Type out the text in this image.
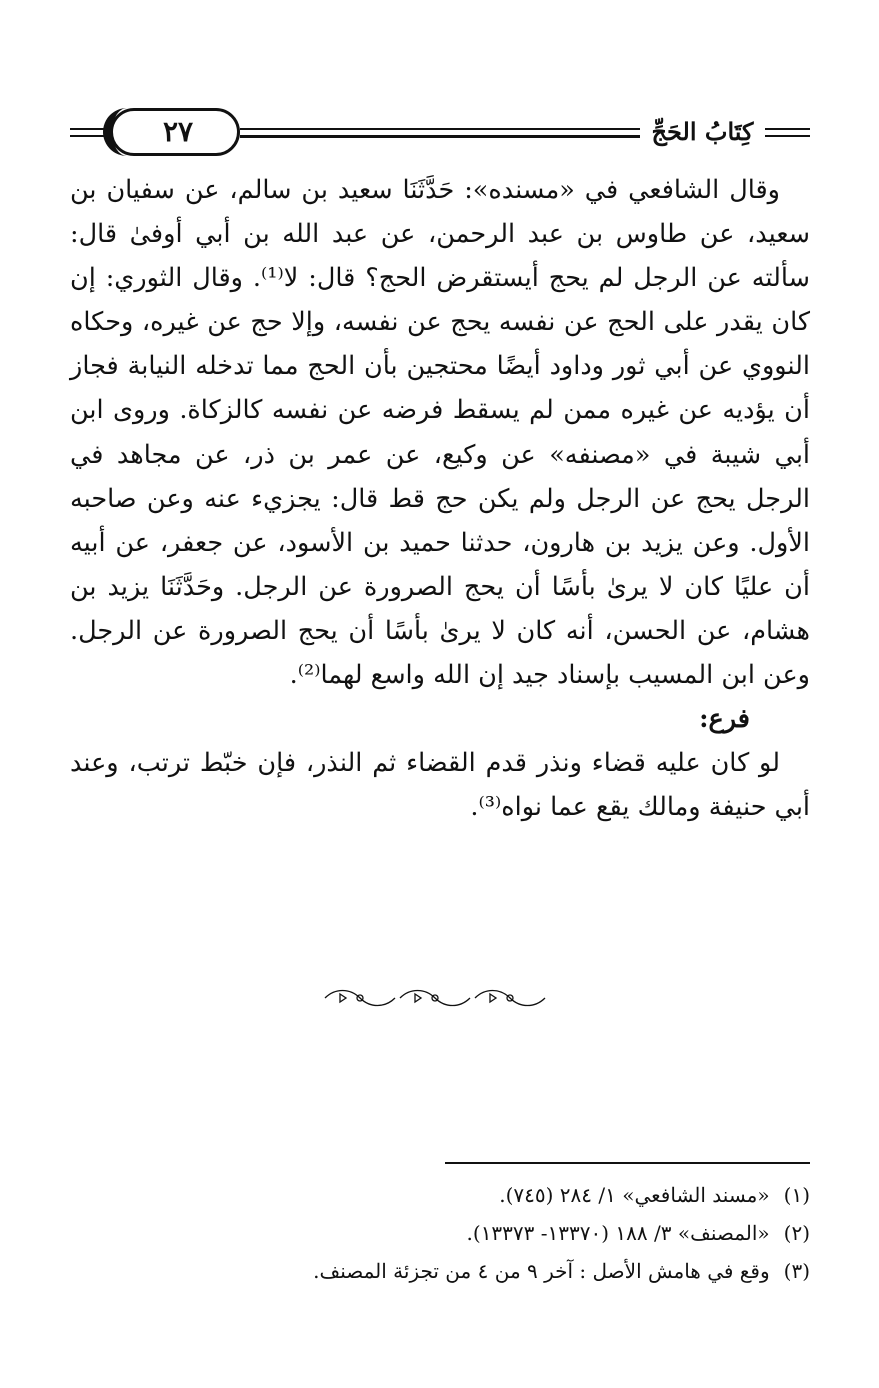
٢٧	كِتَابُ الحَجِّ

وقال الشافعي في «مسنده»: حَدَّثَنَا سعيد بن سالم، عن سفيان بن سعيد، عن طاوس بن عبد الرحمن، عن عبد الله بن أبي أوفىٰ قال: سألته عن الرجل لم يحج أيستقرض الحج؟ قال: لا⁽¹⁾. وقال الثوري: إن كان يقدر على الحج عن نفسه يحج عن نفسه، وإلا حج عن غيره، وحكاه النووي عن أبي ثور وداود أيضًا محتجين بأن الحج مما تدخله النيابة فجاز أن يؤديه عن غيره ممن لم يسقط فرضه عن نفسه كالزكاة. وروى ابن أبي شيبة في «مصنفه» عن وكيع، عن عمر بن ذر، عن مجاهد في الرجل يحج عن الرجل ولم يكن حج قط قال: يجزيء عنه وعن صاحبه الأول. وعن يزيد بن هارون، حدثنا حميد بن الأسود، عن جعفر، عن أبيه أن عليًا كان لا يرىٰ بأسًا أن يحج الصرورة عن الرجل. وحَدَّثَنَا يزيد بن هشام، عن الحسن، أنه كان لا يرىٰ بأسًا أن يحج الصرورة عن الرجل. وعن ابن المسيب بإسناد جيد إن الله واسع لهما⁽²⁾.

فرع:

لو كان عليه قضاء ونذر قدم القضاء ثم النذر، فإن خبّط ترتب، وعند أبي حنيفة ومالك يقع عما نواه⁽³⁾.

(١) «مسند الشافعي» ١/ ٢٨٤ (٧٤٥).

(٢) «المصنف» ٣/ ١٨٨ (١٣٣٧٠- ١٣٣٧٣).

(٣) وقع في هامش الأصل : آخر ٩ من ٤ من تجزئة المصنف.
